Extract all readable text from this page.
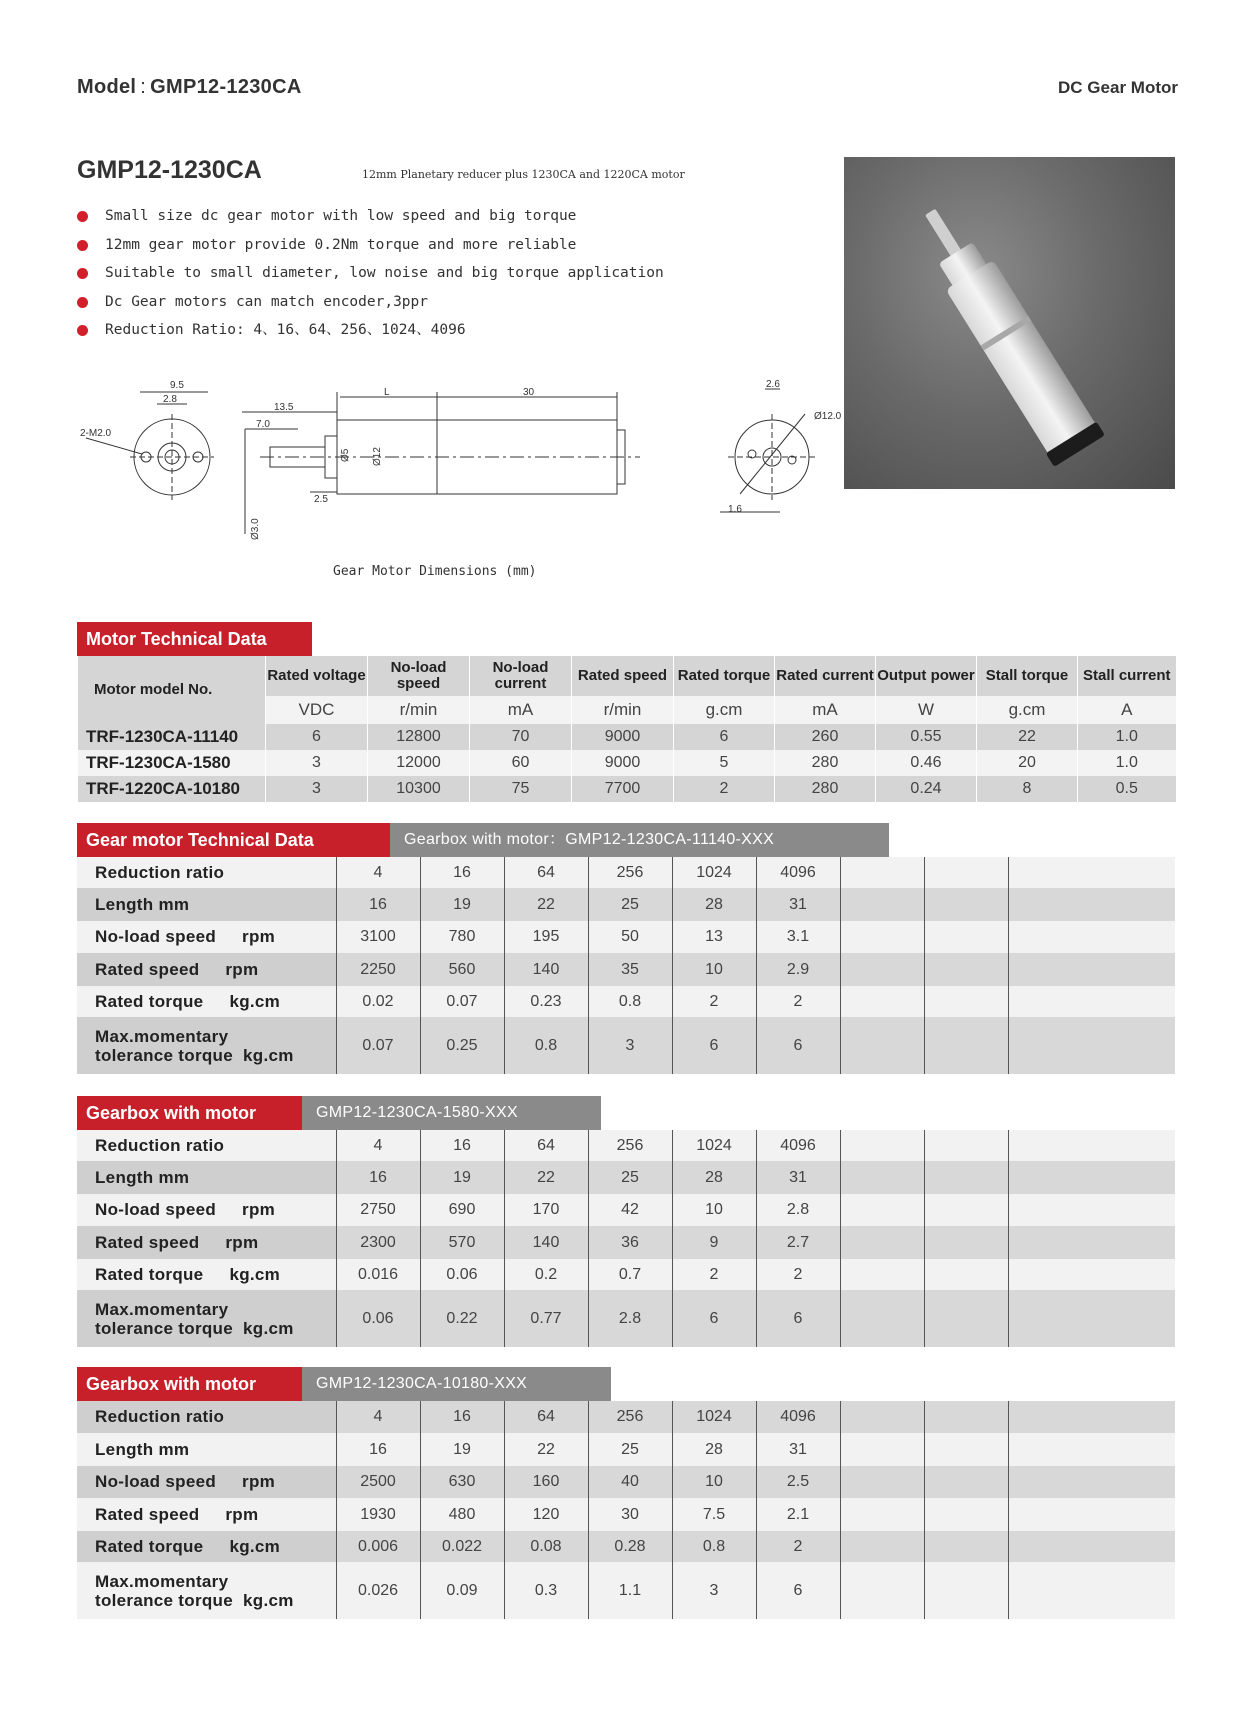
Model : GMP12-1230CA	DC Gear Motor
GMP12-1230CA	12mm Planetary reducer plus 1230CA and 1220CA motor
Small size dc gear motor with low speed and big torque
12mm gear motor provide 0.2Nm torque and more reliable
Suitable to small diameter, low noise and big torque application
Dc Gear motors can match encoder,3ppr
Reduction Ratio: 4、16、64、256、1024、4096
9.5
2.8
2-M2.0
13.5
7.0
L	30
Ø5 Ø12
2.5
Ø3.0
2.6
Ø12.0
1.6
Gear Motor Dimensions (mm)
Motor Technical Data
Motor model No.	Rated voltage	No-load speed	No-load current	Rated speed	Rated torque	Rated current	Output power	Stall torque	Stall current
	VDC	r/min	mA	r/min	g.cm	mA	W	g.cm	A
TRF-1230CA-11140	6	12800	70	9000	6	260	0.55	22	1.0
TRF-1230CA-1580	3	12000	60	9000	5	280	0.46	20	1.0
TRF-1220CA-10180	3	10300	75	7700	2	280	0.24	8	0.5
Gear motor Technical Data	Gearbox with motor：GMP12-1230CA-11140-XXX
Reduction ratio	4	16	64	256	1024	4096			
Length mm	16	19	22	25	28	31			
No-load speed rpm	3100	780	195	50	13	3.1			
Rated speed rpm	2250	560	140	35	10	2.9			
Rated torque kg.cm	0.02	0.07	0.23	0.8	2	2			
Max.momentary
tolerance torque kg.cm	0.07	0.25	0.8	3	6	6			
Gearbox with motor	GMP12-1230CA-1580-XXX
Reduction ratio	4	16	64	256	1024	4096			
Length mm	16	19	22	25	28	31			
No-load speed rpm	2750	690	170	42	10	2.8			
Rated speed rpm	2300	570	140	36	9	2.7			
Rated torque kg.cm	0.016	0.06	0.2	0.7	2	2			
Max.momentary
tolerance torque kg.cm	0.06	0.22	0.77	2.8	6	6			
Gearbox with motor	GMP12-1230CA-10180-XXX
Reduction ratio	4	16	64	256	1024	4096			
Length mm	16	19	22	25	28	31			
No-load speed rpm	2500	630	160	40	10	2.5			
Rated speed rpm	1930	480	120	30	7.5	2.1			
Rated torque kg.cm	0.006	0.022	0.08	0.28	0.8	2			
Max.momentary
tolerance torque kg.cm	0.026	0.09	0.3	1.1	3	6			
